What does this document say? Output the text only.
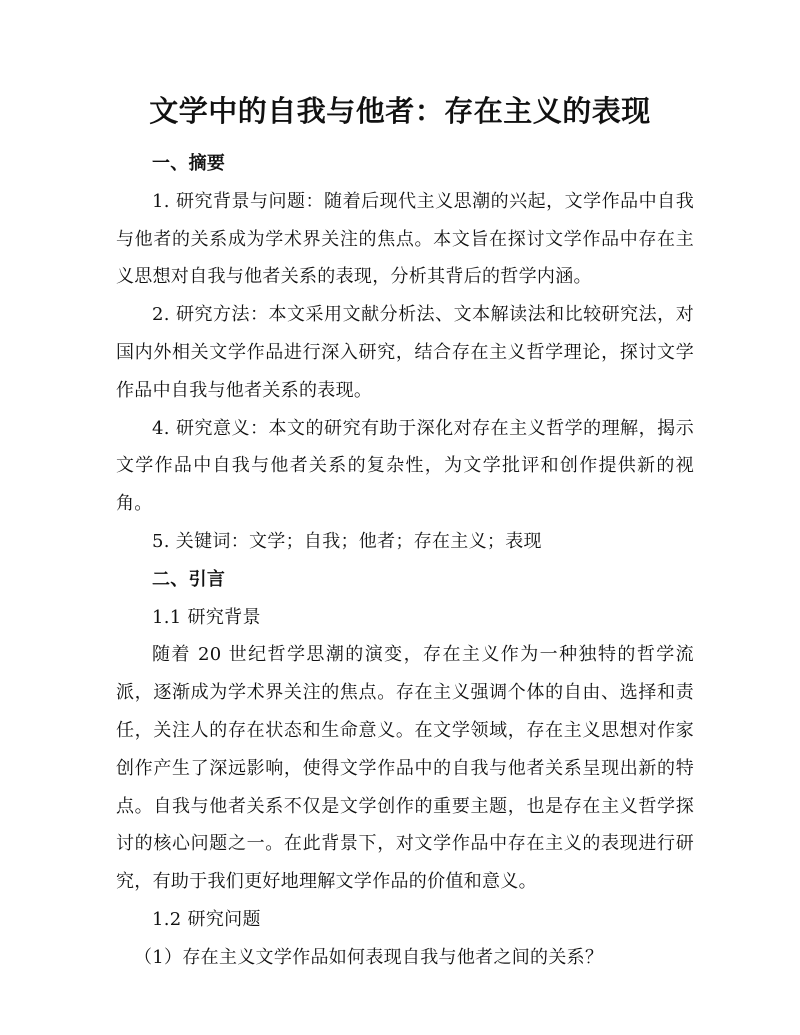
文学中的自我与他者：存在主义的表现

一、摘要

1. 研究背景与问题：随着后现代主义思潮的兴起，文学作品中自我与他者的关系成为学术界关注的焦点。本文旨在探讨文学作品中存在主义思想对自我与他者关系的表现，分析其背后的哲学内涵。

2. 研究方法：本文采用文献分析法、文本解读法和比较研究法，对国内外相关文学作品进行深入研究，结合存在主义哲学理论，探讨文学作品中自我与他者关系的表现。

4. 研究意义：本文的研究有助于深化对存在主义哲学的理解，揭示文学作品中自我与他者关系的复杂性，为文学批评和创作提供新的视角。

5. 关键词：文学；自我；他者；存在主义；表现

二、引言

1.1 研究背景

随着 20 世纪哲学思潮的演变，存在主义作为一种独特的哲学流派，逐渐成为学术界关注的焦点。存在主义强调个体的自由、选择和责任，关注人的存在状态和生命意义。在文学领域，存在主义思想对作家创作产生了深远影响，使得文学作品中的自我与他者关系呈现出新的特点。自我与他者关系不仅是文学创作的重要主题，也是存在主义哲学探讨的核心问题之一。在此背景下，对文学作品中存在主义的表现进行研究，有助于我们更好地理解文学作品的价值和意义。

1.2 研究问题

（1）存在主义文学作品如何表现自我与他者之间的关系？
